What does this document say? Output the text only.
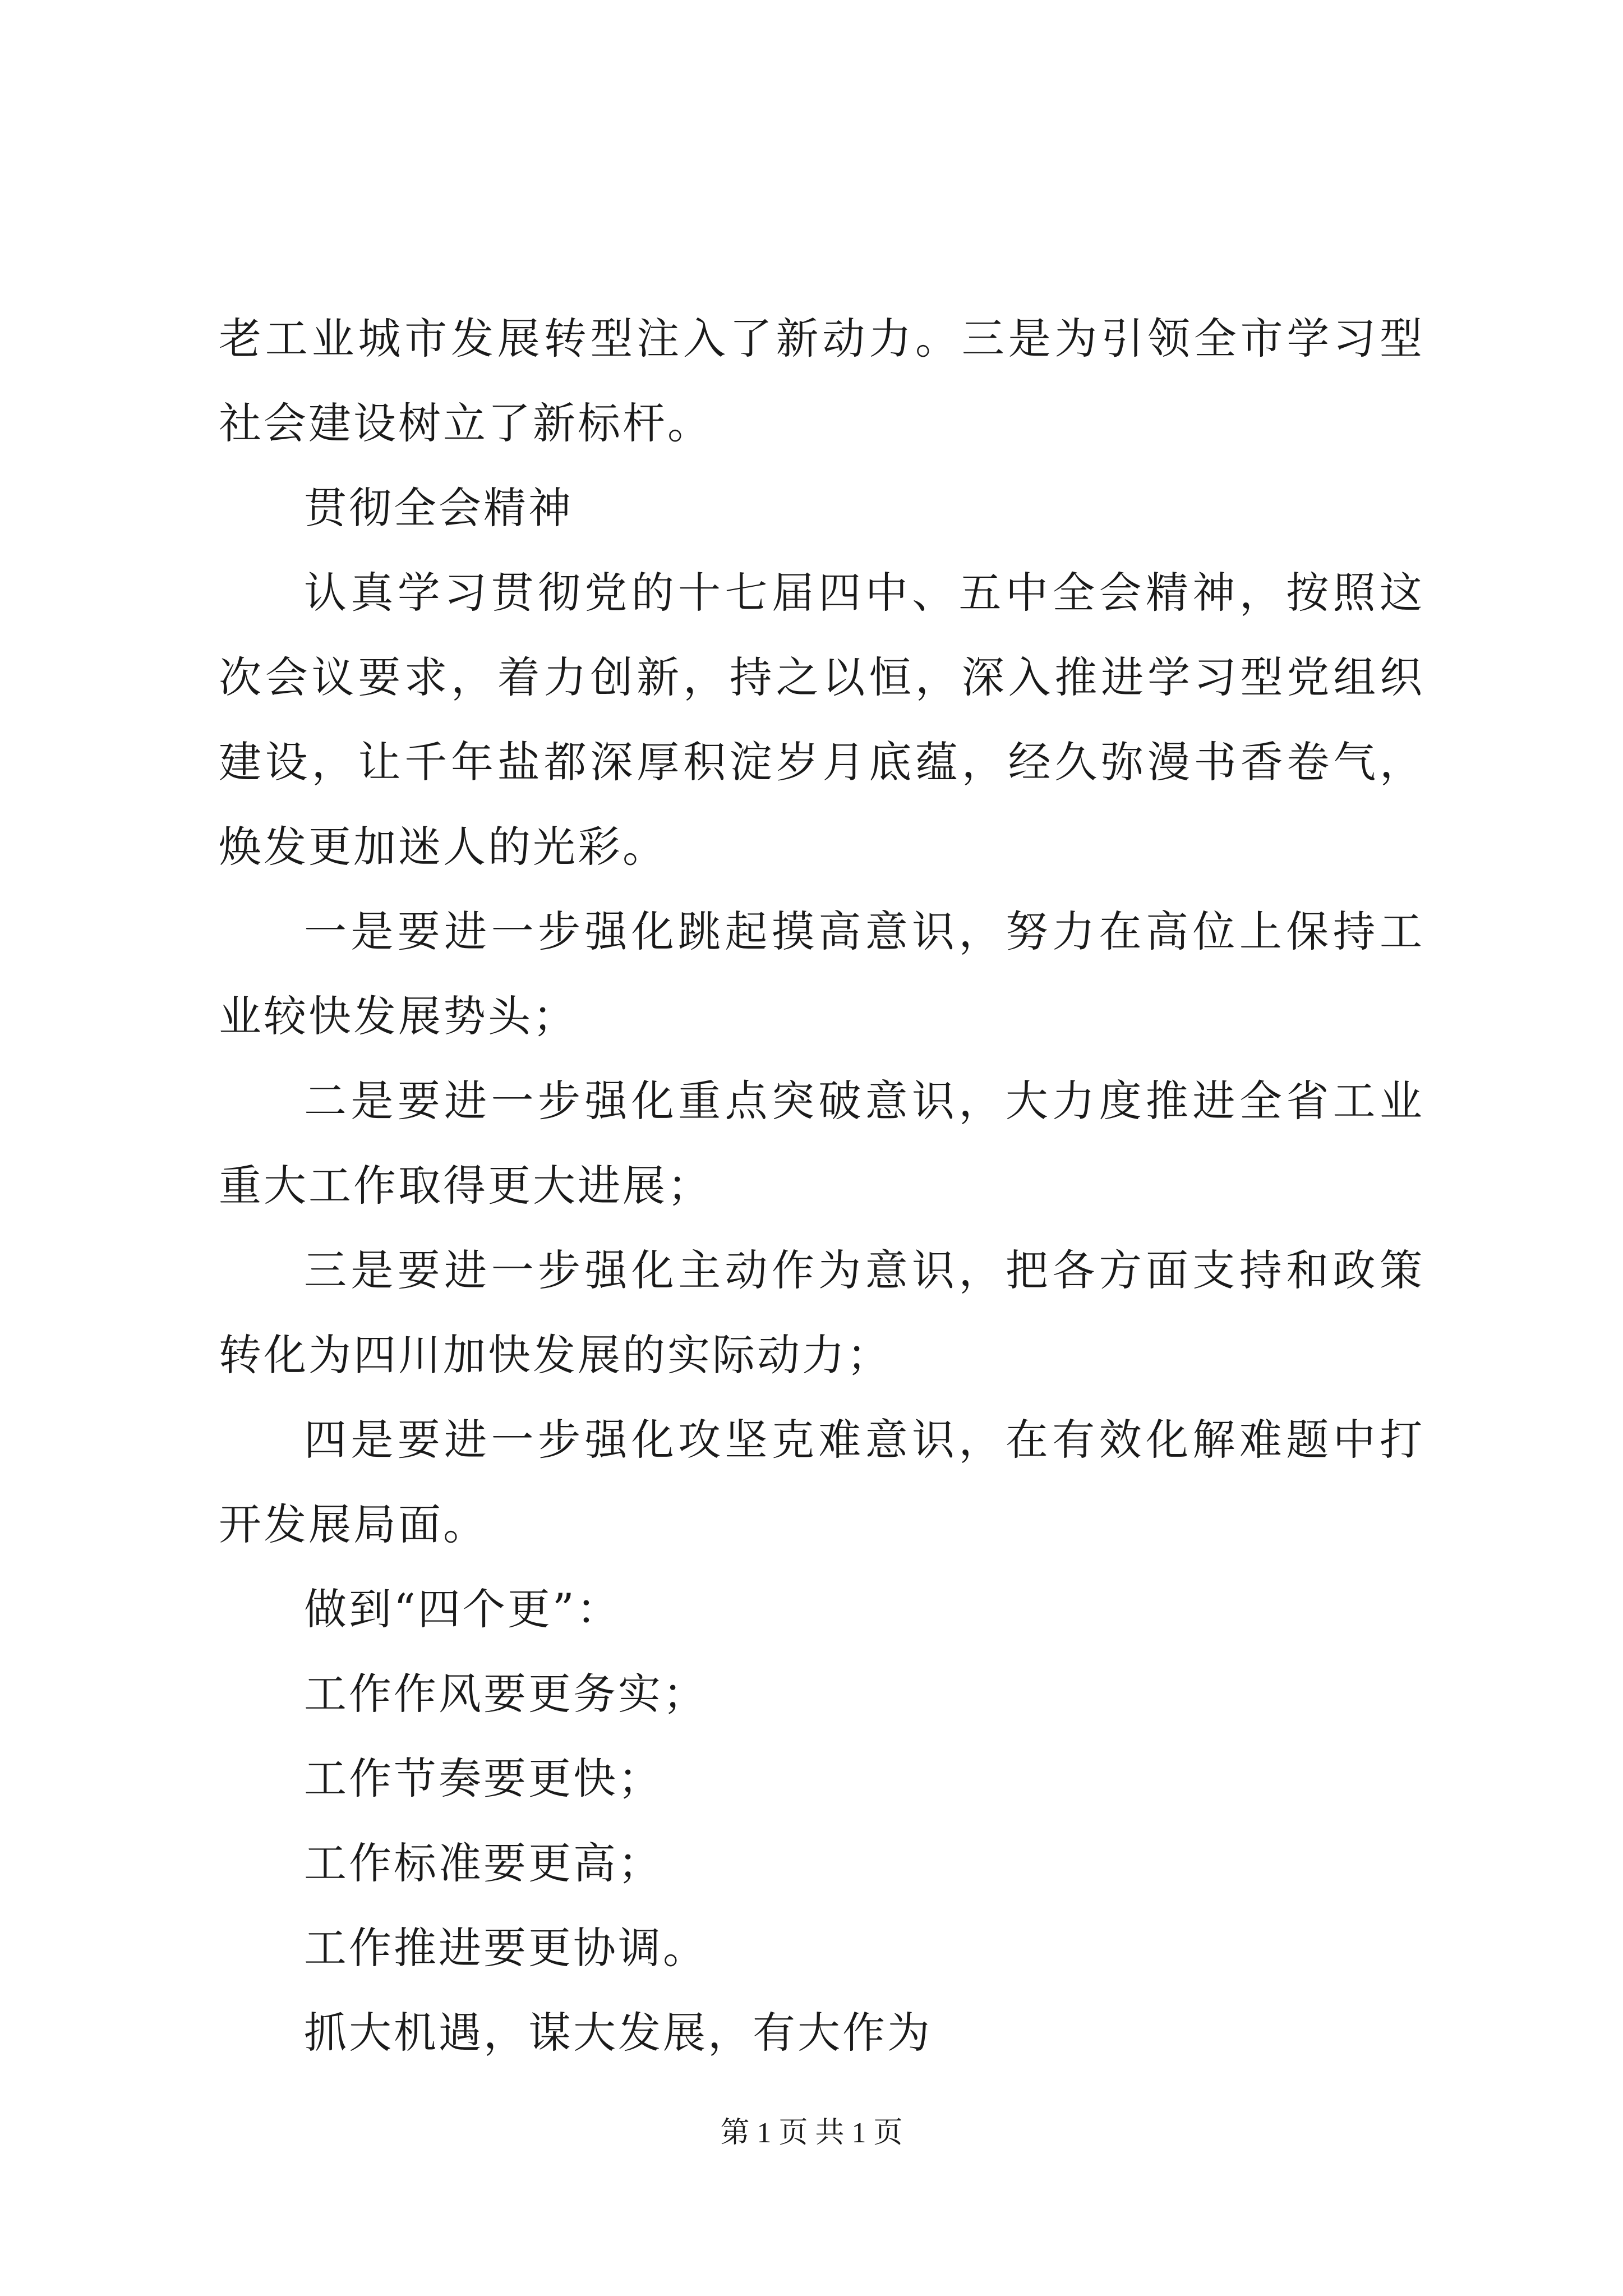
老工业城市发展转型注入了新动力。三是为引领全市学习型社会建设树立了新标杆。

贯彻全会精神

认真学习贯彻党的十七届四中、五中全会精神，按照这次会议要求，着力创新，持之以恒，深入推进学习型党组织建设，让千年盐都深厚积淀岁月底蕴，经久弥漫书香卷气，焕发更加迷人的光彩。

一是要进一步强化跳起摸高意识，努力在高位上保持工业较快发展势头；

二是要进一步强化重点突破意识，大力度推进全省工业重大工作取得更大进展；

三是要进一步强化主动作为意识，把各方面支持和政策转化为四川加快发展的实际动力；

四是要进一步强化攻坚克难意识，在有效化解难题中打开发展局面。

做到“四个更”：

工作作风要更务实；

工作节奏要更快；

工作标准要更高；

工作推进要更协调。

抓大机遇，谋大发展，有大作为

第 1 页 共 1 页
